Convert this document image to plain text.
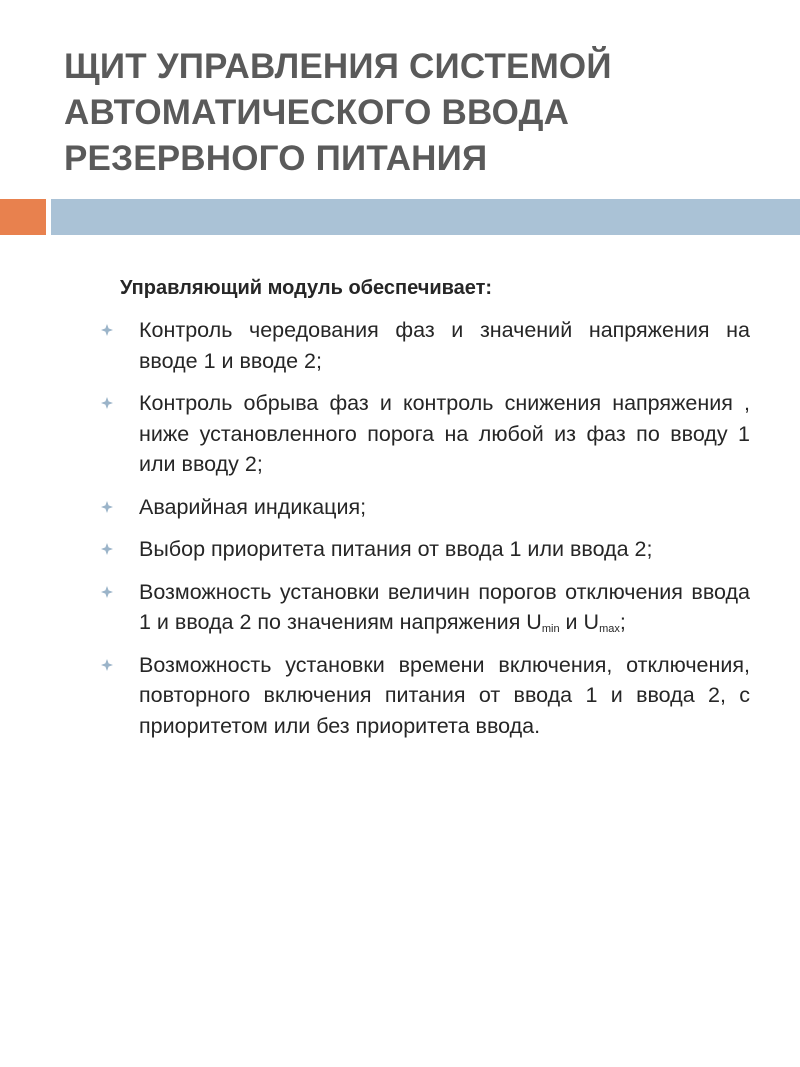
ЩИТ УПРАВЛЕНИЯ СИСТЕМОЙ
АВТОМАТИЧЕСКОГО ВВОДА
РЕЗЕРВНОГО ПИТАНИЯ
Управляющий модуль обеспечивает:
Контроль чередования фаз и значений напряжения на вводе 1 и вводе 2;
Контроль обрыва фаз и контроль снижения напряжения , ниже установленного порога на любой из фаз по вводу 1 или вводу 2;
Аварийная индикация;
Выбор приоритета питания от ввода 1 или ввода 2;
Возможность установки величин порогов отключения ввода 1 и ввода 2 по значениям напряжения $U_{min}$ и $U_{max}$;
Возможность установки времени включения, отключения, повторного включения питания от ввода 1 и ввода 2, с приоритетом или без приоритета ввода.
